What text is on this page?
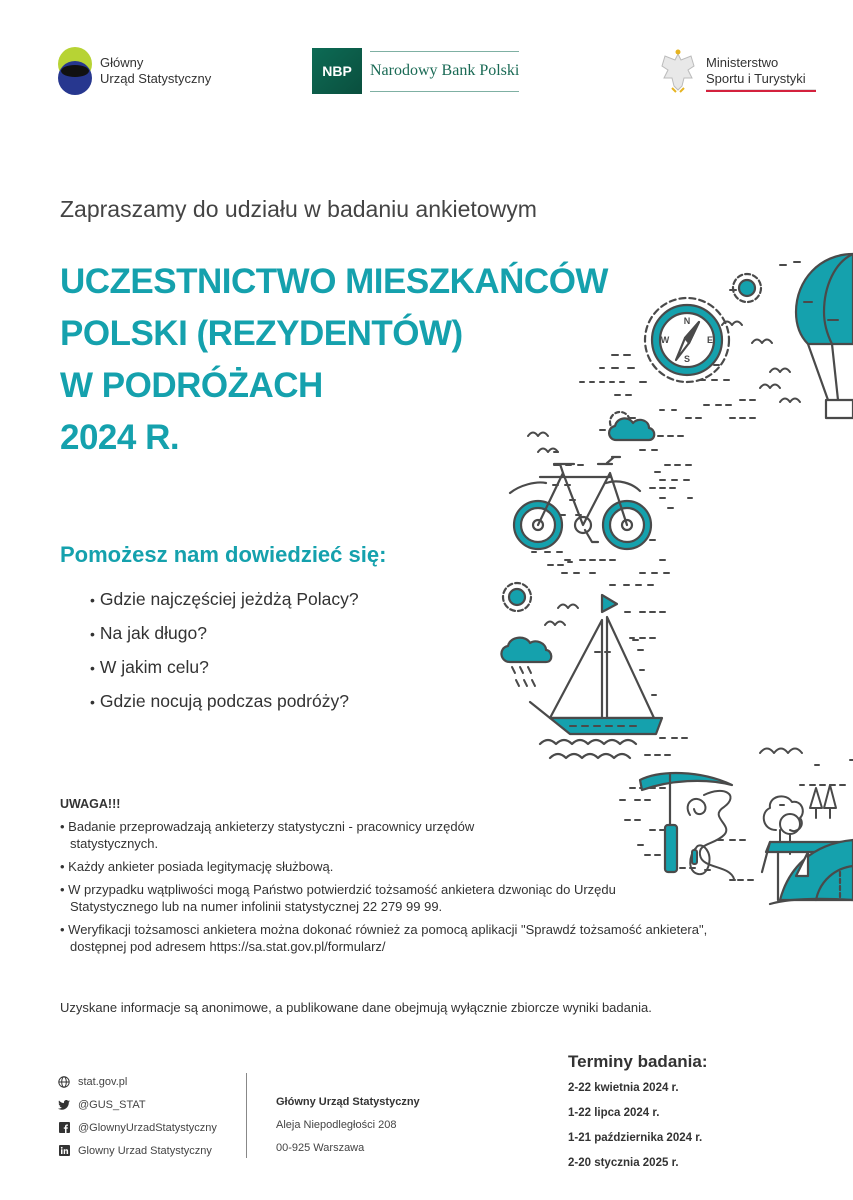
Główny
Urząd Statystyczny	NBP	Narodowy Bank Polski	Ministerstwo
Sportu i Turystyki
Zapraszamy do udziału w badaniu ankietowym
UCZESTNICTWO MIESZKAŃCÓW
POLSKI (REZYDENTÓW)
W PODRÓŻACH
2024 R.
Pomożesz nam dowiedzieć się:
• Gdzie najczęściej jeżdżą Polacy?
• Na jak długo?
• W jakim celu?
• Gdzie nocują podczas podróży?
UWAGA!!!
• Badanie przeprowadzają ankieterzy statystyczni - pracownicy urzędów statystycznych.
• Każdy ankieter posiada legitymację służbową.
• W przypadku wątpliwości mogą Państwo potwierdzić tożsamość ankietera dzwoniąc do Urzędu Statystycznego lub na numer infolinii statystycznej 22 279 99 99.
• Weryfikacji tożsamosci ankietera można dokonać również za pomocą aplikacji "Sprawdź tożsamość ankietera", dostępnej pod adresem https://sa.stat.gov.pl/formularz/
Uzyskane informacje są anonimowe, a publikowane dane obejmują wyłącznie zbiorcze wyniki badania.
stat.gov.pl
@GUS_STAT
@GlownyUrzadStatystyczny
Glowny Urzad Statystyczny
Główny Urząd Statystyczny
Aleja Niepodległości 208
00-925 Warszawa
Terminy badania:
2-22 kwietnia 2024 r.
1-22 lipca 2024 r.
1-21 października 2024 r.
2-20 stycznia 2025 r.
N
E
S
W
